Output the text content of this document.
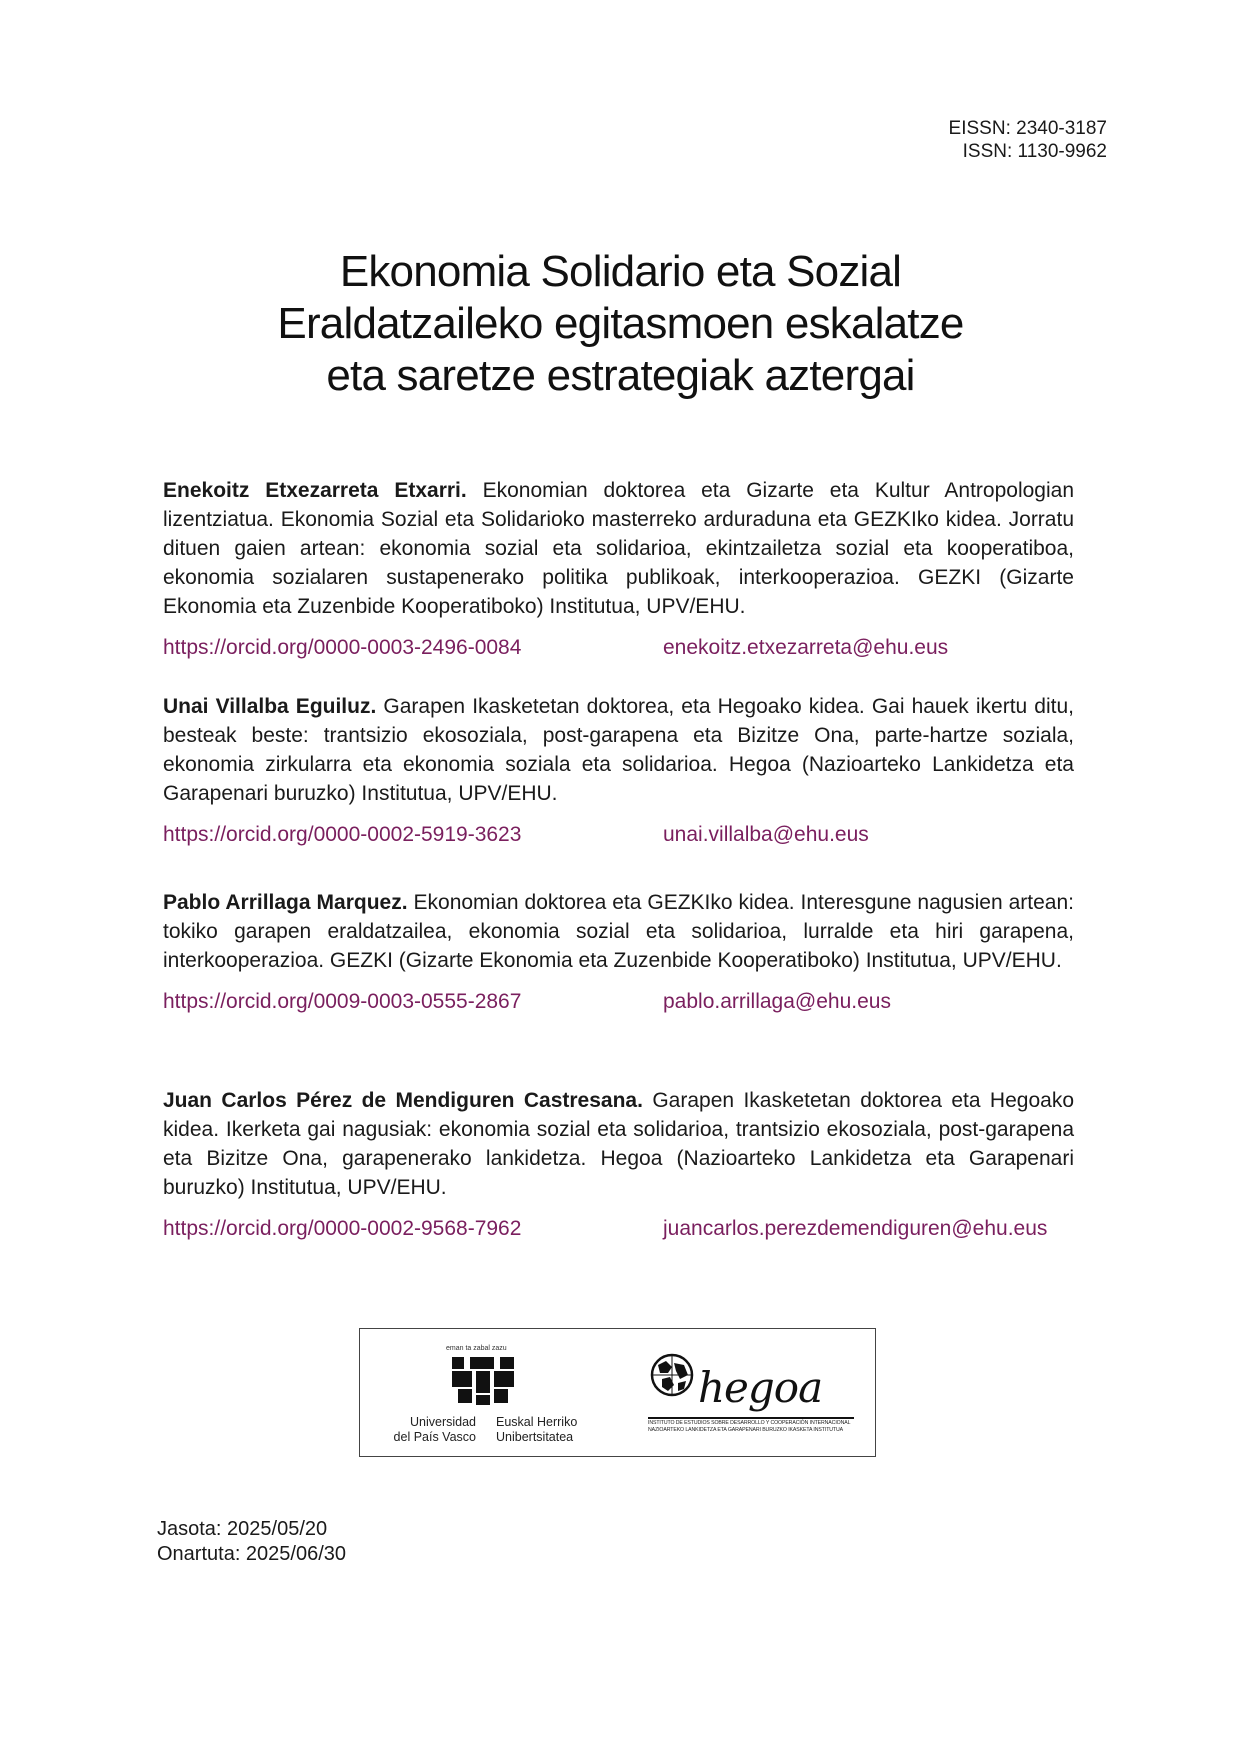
EISSN: 2340-3187
ISSN: 1130-9962
Ekonomia Solidario eta Sozial
Eraldatzaileko egitasmoen eskalatze
eta saretze estrategiak aztergai

Enekoitz Etxezarreta Etxarri. Ekonomian doktorea eta Gizarte eta Kultur Antropologian lizentziatua. Ekonomia Sozial eta Solidarioko masterreko arduraduna eta GEZKIko kidea. Jorratu dituen gaien artean: ekonomia sozial eta solidarioa, ekintzailetza sozial eta kooperatiboa, ekonomia sozialaren sustapenerako politika publikoak, interkooperazioa. GEZKI (Gizarte Ekonomia eta Zuzenbide Kooperatiboko) Institutua, UPV/EHU.

https://orcid.org/0000-0003-2496-0084	enekoitz.etxezarreta@ehu.eus

Unai Villalba Eguiluz. Garapen Ikasketetan doktorea, eta Hegoako kidea. Gai hauek ikertu ditu, besteak beste: trantsizio ekosoziala, post-garapena eta Bizitze Ona, parte-hartze soziala, ekonomia zirkularra eta ekonomia soziala eta solidarioa. Hegoa (Nazioarteko Lankidetza eta Garapenari buruzko) Institutua, UPV/EHU.

https://orcid.org/0000-0002-5919-3623	unai.villalba@ehu.eus

Pablo Arrillaga Marquez. Ekonomian doktorea eta GEZKIko kidea. Interesgune nagusien artean: tokiko garapen eraldatzailea, ekonomia sozial eta solidarioa, lurralde eta hiri garapena, interkooperazioa. GEZKI (Gizarte Ekonomia eta Zuzenbide Kooperatiboko) Institutua, UPV/EHU.

https://orcid.org/0009-0003-0555-2867	pablo.arrillaga@ehu.eus

Juan Carlos Pérez de Mendiguren Castresana. Garapen Ikasketetan doktorea eta Hegoako kidea. Ikerketa gai nagusiak: ekonomia sozial eta solidarioa, trantsizio ekosoziala, post-garapena eta Bizitze Ona, garapenerako lankidetza. Hegoa (Nazioarteko Lankidetza eta Garapenari buruzko) Institutua, UPV/EHU.

https://orcid.org/0000-0002-9568-7962	juancarlos.perezdemendiguren@ehu.eus
eman ta zabal zazu
Universidad
del País Vasco
Euskal Herriko
Unibertsitatea
hegoa
INSTITUTO DE ESTUDIOS SOBRE DESARROLLO Y COOPERACIÓN INTERNACIONAL
NAZIOARTEKO LANKIDETZA ETA GARAPENARI BURUZKO IKASKETA INSTITUTUA
Jasota: 2025/05/20
Onartuta: 2025/06/30
